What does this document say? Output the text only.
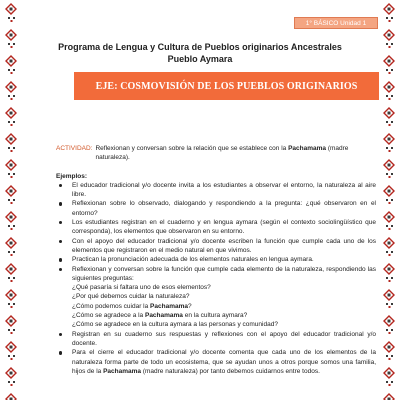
1° BÁSICO Unidad 1
Programa de Lengua y Cultura de Pueblos originarios Ancestrales
Pueblo Aymara
EJE: COSMOVISIÓN DE LOS PUEBLOS ORIGINARIOS
ACTIVIDAD: Reflexionan y conversan sobre la relación que se establece con la Pachamama (madre naturaleza).
Ejemplos:
El educador tradicional y/o docente invita a los estudiantes a observar el entorno, la naturaleza al aire libre.
Reflexionan sobre lo observado, dialogando y respondiendo a la pregunta: ¿qué observaron en el entorno?
Los estudiantes registran en el cuaderno y en lengua aymara (según el contexto sociolingüístico que corresponda), los elementos que observaron en su entorno.
Con el apoyo del educador tradicional y/o docente escriben la función que cumple cada uno de los elementos que registraron en el medio natural en que vivimos.
Practican la pronunciación adecuada de los elementos naturales en lengua aymara.
Reflexionan y conversan sobre la función que cumple cada elemento de la naturaleza, respondiendo las siguientes preguntas:
¿Qué pasaría si faltara uno de esos elementos?
¿Por qué debemos cuidar la naturaleza?
¿Cómo podemos cuidar la Pachamama?
¿Cómo se agradece a la Pachamama en la cultura aymara?
¿Cómo se agradece en la cultura aymara a las personas y comunidad?
Registran en su cuaderno sus respuestas y reflexiones con el apoyo del educador tradicional y/o docente.
Para el cierre el educador tradicional y/o docente comenta que cada uno de los elementos de la naturaleza forma parte de todo un ecosistema, que se ayudan unos a otros porque somos una familia, hijos de la Pachamama (madre naturaleza) por tanto debemos cuidarnos entre todos.
